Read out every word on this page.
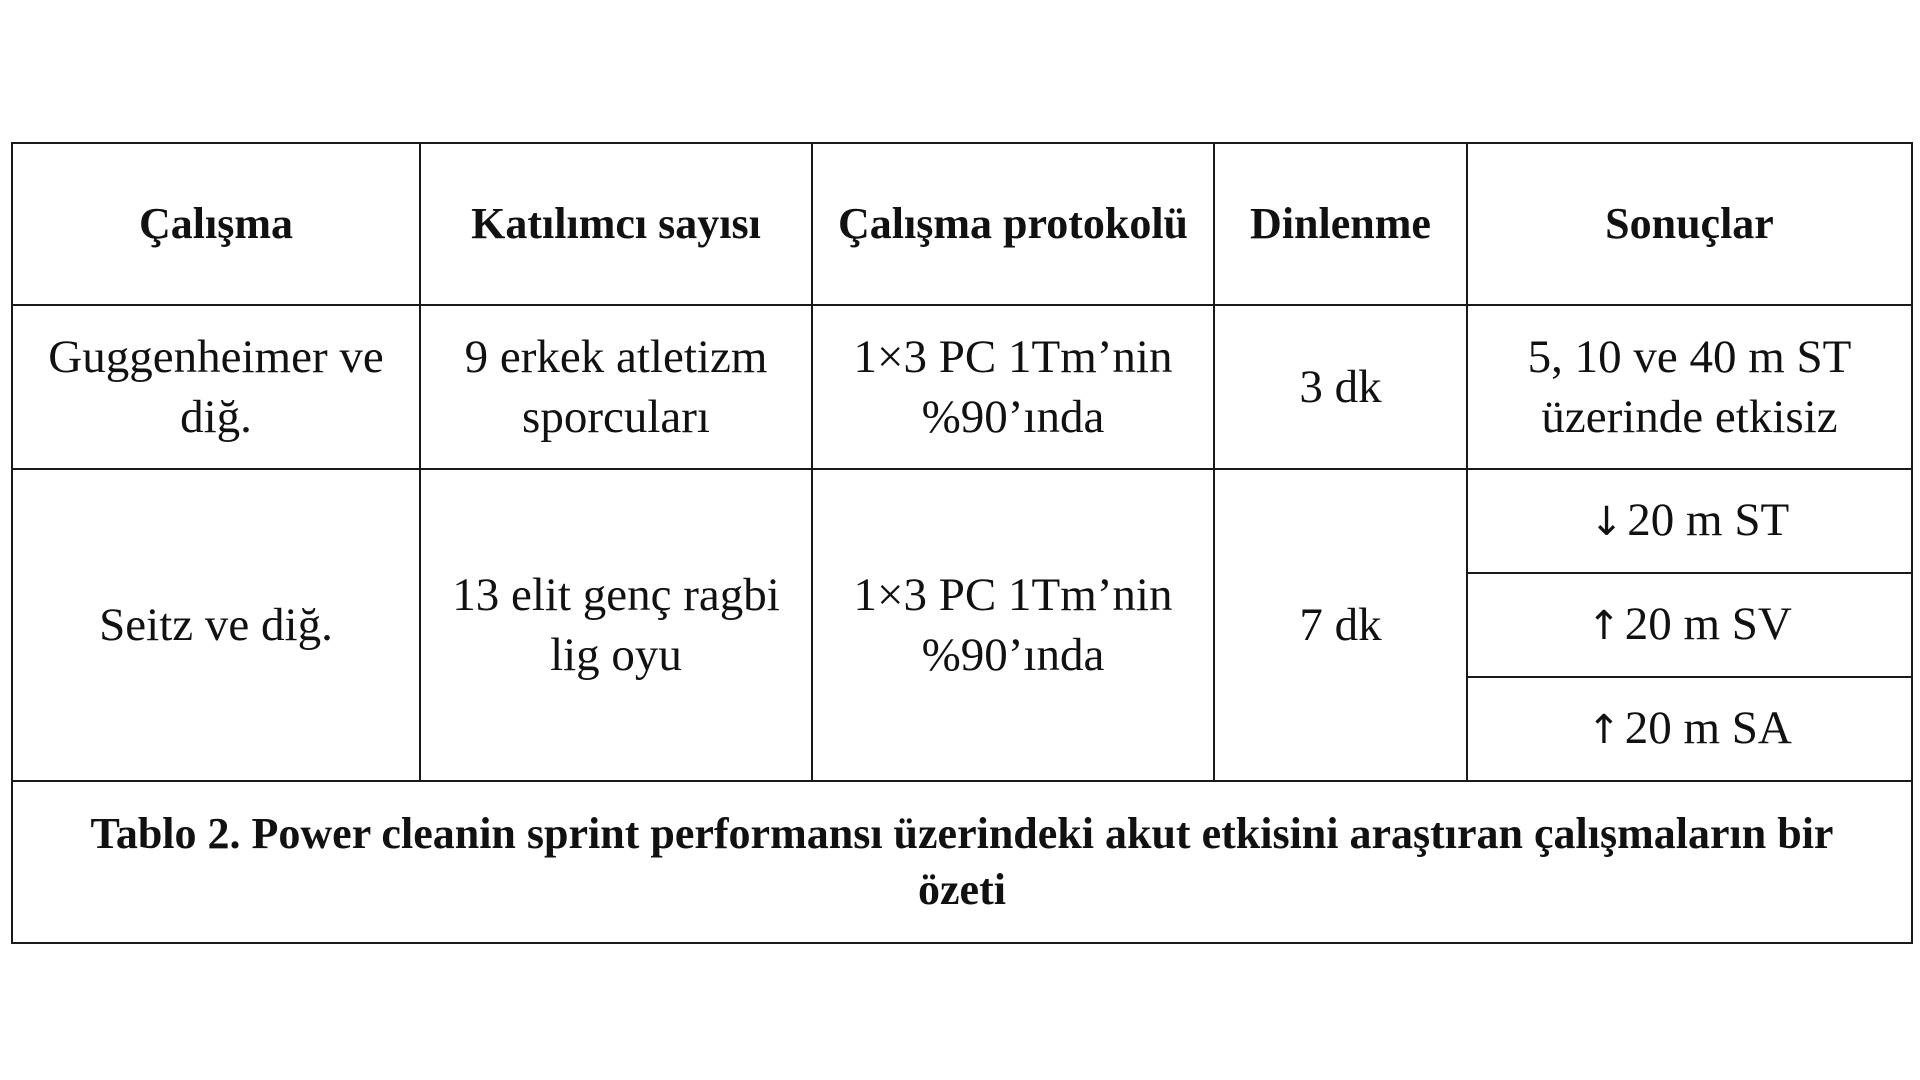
Çalışma	Katılımcı sayısı	Çalışma protokolü	Dinlenme	Sonuçlar
Guggenheimer ve diğ.	9 erkek atletizm sporcuları	1×3 PC 1Tm’nin %90’ında	3 dk	5, 10 ve 40 m ST üzerinde etkisiz
Seitz ve diğ.	13 elit genç ragbi lig oyu	1×3 PC 1Tm’nin %90’ında	7 dk	↓20 m ST
				↑20 m SV
				↑20 m SA
Tablo 2. Power cleanin sprint performansı üzerindeki akut etkisini araştıran çalışmaların bir özeti				
